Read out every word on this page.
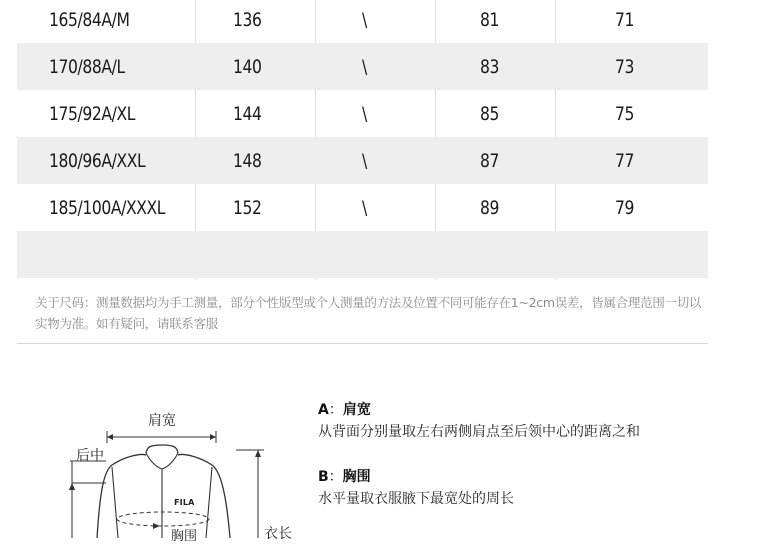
165/84A/M	136	\	81	71
170/88A/L	140	\	83	73
175/92A/XL	144	\	85	75
180/96A/XXL	148	\	87	77
185/100A/XXXL	152	\	89	79
关于尺码：测量数据均为手工测量，部分个性版型或个人测量的方法及位置不同可能存在1~2cm误差，皆属合理范围一切以实物为准。如有疑问，请联系客服
肩宽
后中
衣长
胸围
FILA
A：肩宽
从背面分别量取左右两侧肩点至后领中心的距离之和
B：胸围
水平量取衣服腋下最宽处的周长
